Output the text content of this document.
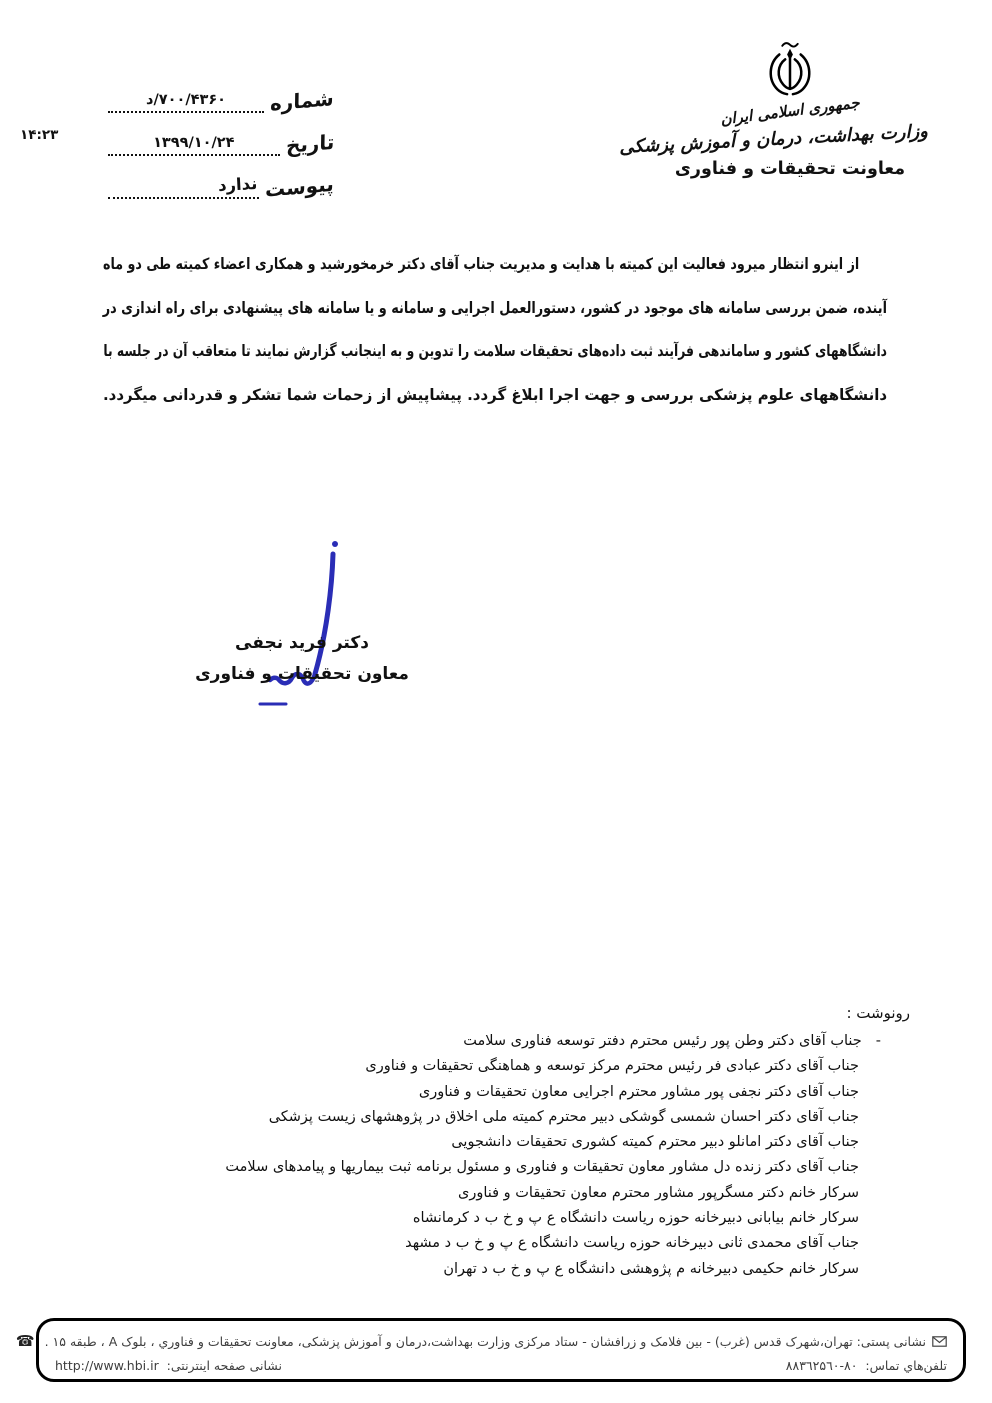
۱۴:۲۳
شماره
د/۷۰۰/۴۳۶۰
تاریخ
۱۳۹۹/۱۰/۲۴
پیوست
ندارد
جمهوری اسلامی ایران
وزارت بهداشت، درمان و آموزش پزشکی
معاونت تحقیقات و فناوری
از اینرو انتظار میرود فعالیت این کمیته با هدایت و مدیریت جناب آقای دکتر خرمخورشید و همکاری اعضاء کمیته طی دو ماه
آینده، ضمن بررسی سامانه های موجود در کشور، دستورالعمل اجرایی و سامانه و یا سامانه های پیشنهادی برای راه اندازی در
دانشگاههای کشور و ساماندهی فرآیند ثبت داده‌های تحقیقات سلامت را تدوین و به اینجانب گزارش نمایند تا متعاقب آن در جلسه با
دانشگاههای علوم پزشکی بررسی و جهت اجرا ابلاغ گردد. پیشاپیش از زحمات شما تشکر و قدردانی میگردد.
دکتر فرید نجفی
معاون تحقیقات و فناوری
رونوشت :
-جناب آقای دکتر وطن پور رئیس محترم دفتر توسعه فناوری سلامت
جناب آقای دکتر عبادی فر رئیس محترم مرکز توسعه و هماهنگی تحقیقات و فناوری
جناب آقای دکتر نجفی پور مشاور محترم اجرایی معاون تحقیقات و فناوری
جناب آقای دکتر احسان شمسی گوشکی دبیر محترم کمیته ملی اخلاق در پژوهشهای زیست پزشکی
جناب آقای دکتر امانلو دبیر محترم کمیته کشوری تحقیقات دانشجویی
جناب آقای دکتر زنده دل مشاور معاون تحقیقات و فناوری و مسئول برنامه ثبت بیماریها و پیامدهای سلامت
سرکار خانم دکتر مسگرپور مشاور محترم معاون تحقیقات و فناوری
سرکار خانم بیابانی دبیرخانه حوزه ریاست دانشگاه ع پ و خ ب د کرمانشاه
جناب آقای محمدی ثانی دبیرخانه حوزه ریاست دانشگاه ع پ و خ ب د مشهد
سرکار خانم حکیمی دبیرخانه م پژوهشی دانشگاه ع پ و خ ب د تهران
نشانی پستی: تهران،شهرک قدس (غرب) - بین فلامک و زرافشان - ستاد مرکزی وزارت بهداشت،درمان و آموزش پزشکی، معاونت تحقیقات و فناوري ، بلوک A ، طبقه ۱۵ .
☎
تلفن‌هاي تماس:  ۸۸۳٦۲۵٦۰-۸۰
نشانی صفحه اینترنتی:  http://www.hbi.ir
